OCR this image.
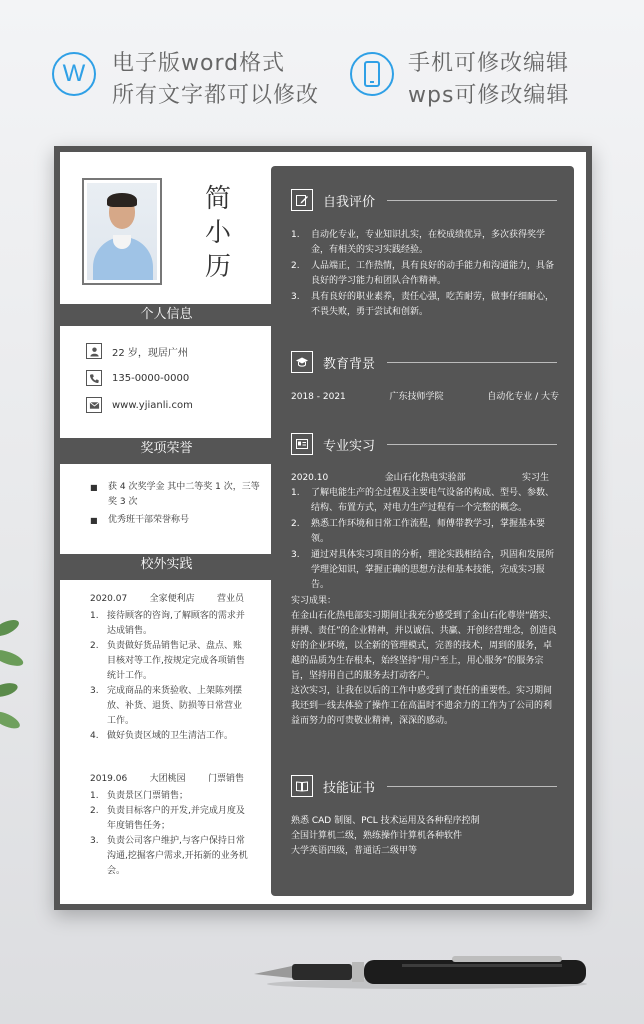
W 电子版word格式
所有文字都可以修改
手机可修改编辑
wps可修改编辑
简
小
历
个人信息
22 岁，现居广州
135-0000-0000
www.yjianli.com
奖项荣誉
■ 获 4 次奖学金 其中二等奖 1 次，三等奖 3 次
■ 优秀班干部荣誉称号
校外实践
2020.07 全家便利店 营业员
1. 接待顾客的咨询,了解顾客的需求并达成销售。
2. 负责做好货品销售记录、盘点、账目核对等工作,按规定完成各项销售统计工作。
3. 完成商品的来货验收、上架陈列摆放、补货、退货、防损等日常营业工作。
4. 做好负责区域的卫生清洁工作。
2019.06 大团桃园 门票销售
1. 负责景区门票销售；
2. 负责目标客户的开发,并完成月度及年度销售任务；
3. 负责公司客户维护,与客户保持日常沟通,挖掘客户需求,开拓新的业务机会。
自我评价
1. 自动化专业，专业知识扎实，在校成绩优异，多次获得奖学金，有相关的实习实践经验。
2. 人品端正，工作热情，具有良好的动手能力和沟通能力，具备良好的学习能力和团队合作精神。
3. 具有良好的职业素养，责任心强，吃苦耐劳，做事仔细耐心，不畏失败，勇于尝试和创新。
教育背景
2018 - 2021	广东技师学院	自动化专业 / 大专
专业实习
2020.10	金山石化热电实验部	实习生
1. 了解电能生产的全过程及主要电气设备的构成、型号、参数、结构、布置方式，对电力生产过程有一个完整的概念。
2. 熟悉工作环境和日常工作流程，师傅带教学习，掌握基本要领。
3. 通过对具体实习项目的分析，理论实践相结合，巩固和发展所学理论知识，掌握正确的思想方法和基本技能，完成实习报告。
实习成果：
在金山石化热电部实习期间让我充分感受到了金山石化尊崇“踏实、拼搏、责任”的企业精神，并以诚信、共赢、开创经营理念，创造良好的企业环境，以全新的管理模式，完善的技术，周到的服务，卓越的品质为生存根本，始终坚持“用户至上，用心服务”的服务宗旨，坚持用自己的服务去打动客户。
这次实习，让我在以后的工作中感受到了责任的重要性。实习期间我还到一线去体验了操作工在高温时不遗余力的工作为了公司的利益而努力的可贵敬业精神，深深的感动。
技能证书
熟悉 CAD 制图、PCL 技术运用及各种程序控制
全国计算机二级，熟练操作计算机各种软件
大学英语四级，普通话二级甲等
